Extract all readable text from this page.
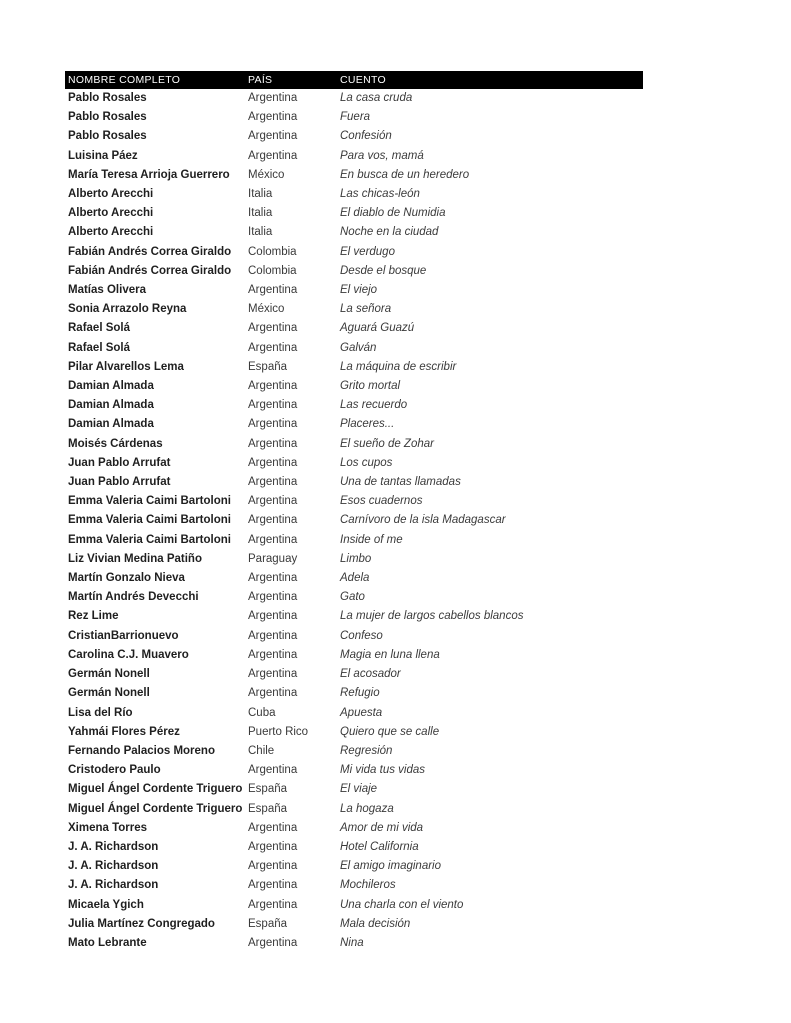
NOMBRE COMPLETO	PAÍS	CUENTO
Pablo Rosales	Argentina	La casa cruda
Pablo Rosales	Argentina	Fuera
Pablo Rosales	Argentina	Confesión
Luisina Páez	Argentina	Para vos, mamá
María Teresa Arrioja Guerrero	México	En busca de un heredero
Alberto Arecchi	Italia	Las chicas-león
Alberto Arecchi	Italia	El diablo de Numidia
Alberto Arecchi	Italia	Noche en la ciudad
Fabián Andrés Correa Giraldo	Colombia	El verdugo
Fabián Andrés Correa Giraldo	Colombia	Desde el bosque
Matías Olivera	Argentina	El viejo
Sonia Arrazolo Reyna	México	La señora
Rafael Solá	Argentina	Aguará Guazú
Rafael Solá	Argentina	Galván
Pilar Alvarellos Lema	España	La máquina de escribir
Damian Almada	Argentina	Grito mortal
Damian Almada	Argentina	Las recuerdo
Damian Almada	Argentina	Placeres...
Moisés Cárdenas	Argentina	El sueño de Zohar
Juan Pablo Arrufat	Argentina	Los cupos
Juan Pablo Arrufat	Argentina	Una de tantas llamadas
Emma Valeria Caimi Bartoloni	Argentina	Esos cuadernos
Emma Valeria Caimi Bartoloni	Argentina	Carnívoro de la isla Madagascar
Emma Valeria Caimi Bartoloni	Argentina	Inside of me
Liz Vivian Medina Patiño	Paraguay	Limbo
Martín Gonzalo Nieva	Argentina	Adela
Martín Andrés Devecchi	Argentina	Gato
Rez Lime	Argentina	La mujer de largos cabellos blancos
CristianBarrionuevo	Argentina	Confeso
Carolina C.J. Muavero	Argentina	Magia en luna llena
Germán Nonell	Argentina	El acosador
Germán Nonell	Argentina	Refugio
Lisa del Río	Cuba	Apuesta
Yahmái Flores Pérez	Puerto Rico	Quiero que se calle
Fernando Palacios Moreno	Chile	Regresión
Cristodero Paulo	Argentina	Mi vida tus vidas
Miguel Ángel Cordente Triguero	España	El viaje
Miguel Ángel Cordente Triguero	España	La hogaza
Ximena Torres	Argentina	Amor de mi vida
J. A. Richardson	Argentina	Hotel California
J. A. Richardson	Argentina	El amigo imaginario
J. A. Richardson	Argentina	Mochileros
Micaela Ygich	Argentina	Una charla con el viento
Julia Martínez Congregado	España	Mala decisión
Mato Lebrante	Argentina	Nina
